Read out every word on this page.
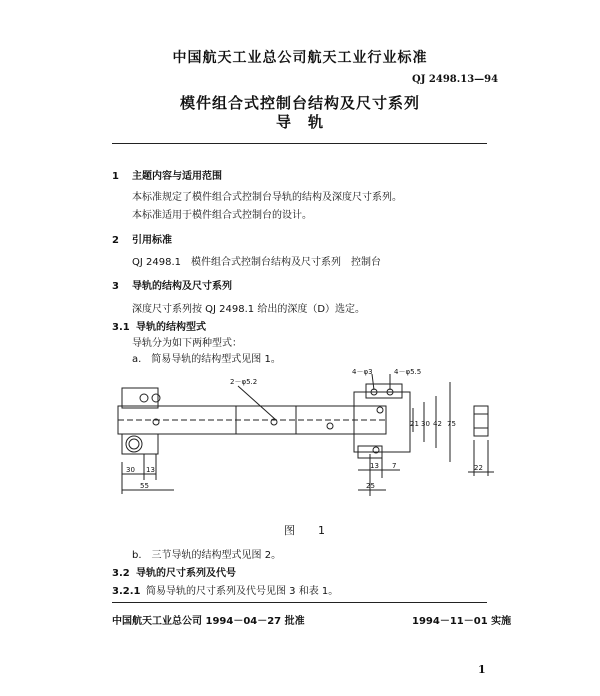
中国航天工业总公司航天工业行业标准
QJ 2498.13—94
模件组合式控制台结构及尺寸系列
导　轨
1 主题内容与适用范围
本标准规定了模件组合式控制台导轨的结构及深度尺寸系列。
本标准适用于模件组合式控制台的设计。
2 引用标准
QJ 2498.1　模件组合式控制台结构及尺寸系列　控制台
3 导轨的结构及尺寸系列
深度尺寸系列按 QJ 2498.1 给出的深度（D）选定。
3.1 导轨的结构型式
导轨分为如下两种型式：
a.　简易导轨的结构型式见图 1。
2－φ5.2
4－φ3	4－φ5.5
30 13
55
21 30 42 75
13 7
25
22
图　1
b.　三节导轨的结构型式见图 2。
3.2 导轨的尺寸系列及代号
3.2.1 简易导轨的尺寸系列及代号见图 3 和表 1。
中国航天工业总公司 1994－04－27 批准	1994－11－01 实施
1
